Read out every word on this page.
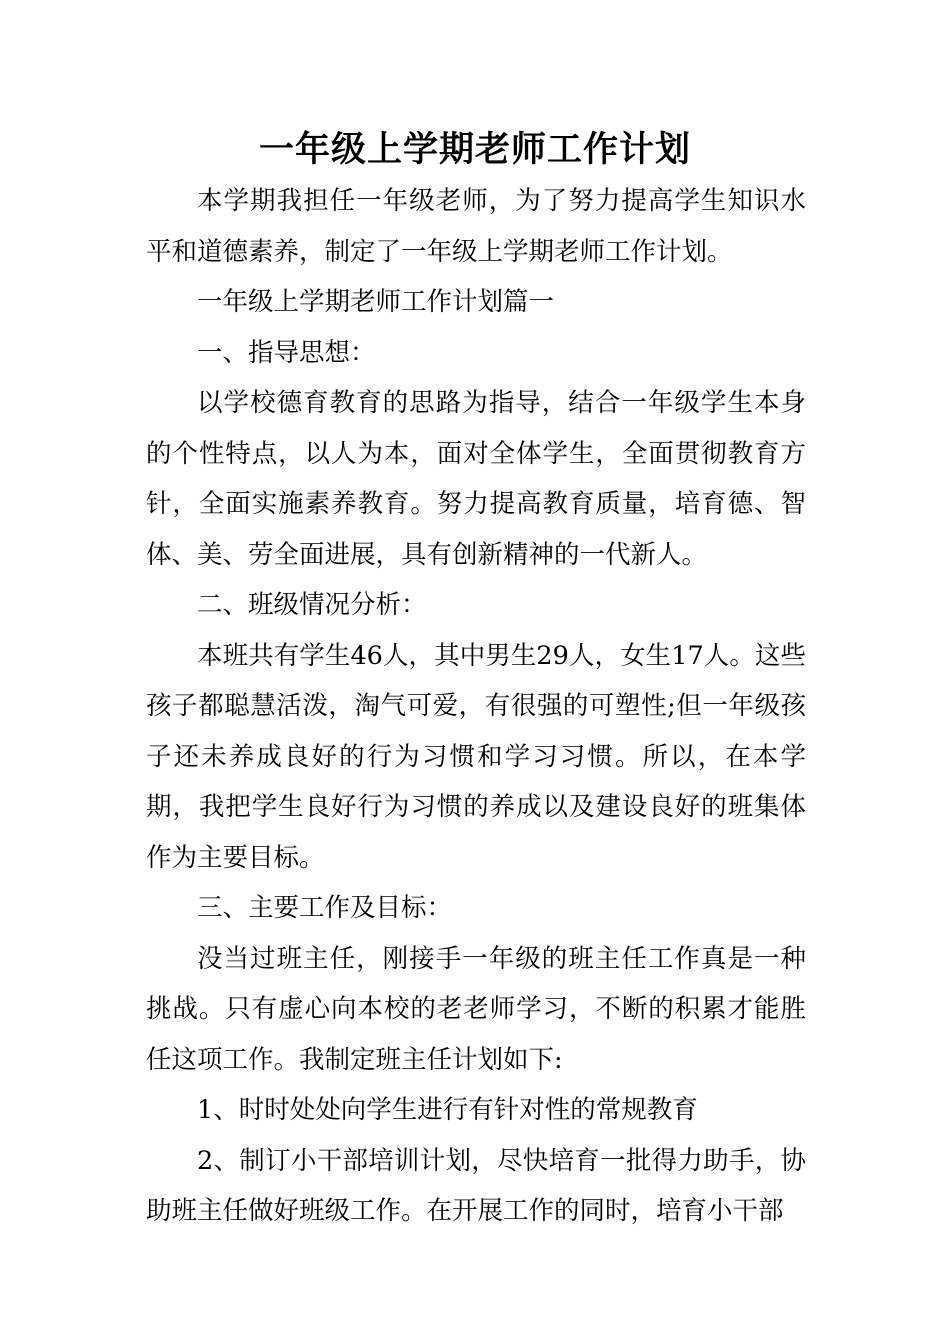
一年级上学期老师工作计划

本学期我担任一年级老师，为了努力提高学生知识水平和道德素养，制定了一年级上学期老师工作计划。

一年级上学期老师工作计划篇一

一、指导思想：

以学校德育教育的思路为指导，结合一年级学生本身的个性特点，以人为本，面对全体学生，全面贯彻教育方针，全面实施素养教育。努力提高教育质量，培育德、智体、美、劳全面进展，具有创新精神的一代新人。

二、班级情况分析：

本班共有学生46人，其中男生29人，女生17人。这些孩子都聪慧活泼，淘气可爱，有很强的可塑性;但一年级孩子还未养成良好的行为习惯和学习习惯。所以，在本学期，我把学生良好行为习惯的养成以及建设良好的班集体作为主要目标。

三、主要工作及目标：

没当过班主任，刚接手一年级的班主任工作真是一种挑战。只有虚心向本校的老老师学习，不断的积累才能胜任这项工作。我制定班主任计划如下:

1、时时处处向学生进行有针对性的常规教育

2、制订小干部培训计划，尽快培育一批得力助手，协助班主任做好班级工作。在开展工作的同时，培育小干部
